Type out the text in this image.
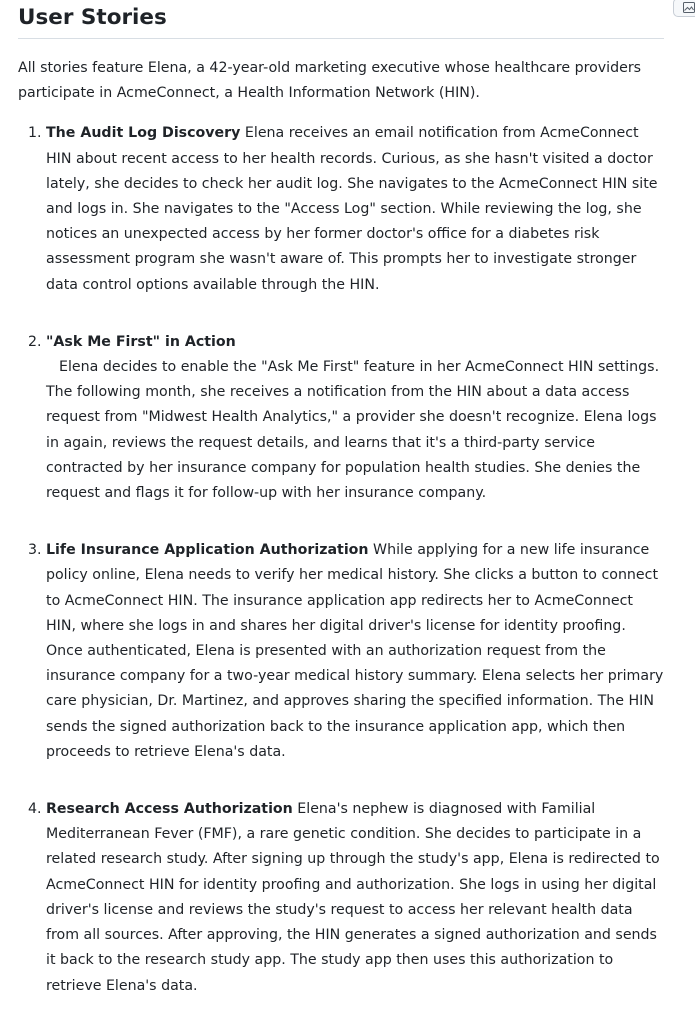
User Stories

All stories feature Elena, a 42-year-old marketing executive whose healthcare providers participate in AcmeConnect, a Health Information Network (HIN).

1. The Audit Log Discovery Elena receives an email notification from AcmeConnect HIN about recent access to her health records. Curious, as she hasn't visited a doctor lately, she decides to check her audit log. She navigates to the AcmeConnect HIN site and logs in. She navigates to the "Access Log" section. While reviewing the log, she notices an unexpected access by her former doctor's office for a diabetes risk assessment program she wasn't aware of. This prompts her to investigate stronger data control options available through the HIN.
2. "Ask Me First" in Action
Elena decides to enable the "Ask Me First" feature in her AcmeConnect HIN settings. The following month, she receives a notification from the HIN about a data access request from "Midwest Health Analytics," a provider she doesn't recognize. Elena logs in again, reviews the request details, and learns that it's a third-party service contracted by her insurance company for population health studies. She denies the request and flags it for follow-up with her insurance company.
3. Life Insurance Application Authorization While applying for a new life insurance policy online, Elena needs to verify her medical history. She clicks a button to connect to AcmeConnect HIN. The insurance application app redirects her to AcmeConnect HIN, where she logs in and shares her digital driver's license for identity proofing. Once authenticated, Elena is presented with an authorization request from the insurance company for a two-year medical history summary. Elena selects her primary care physician, Dr. Martinez, and approves sharing the specified information. The HIN sends the signed authorization back to the insurance application app, which then proceeds to retrieve Elena's data.
4. Research Access Authorization Elena's nephew is diagnosed with Familial Mediterranean Fever (FMF), a rare genetic condition. She decides to participate in a related research study. After signing up through the study's app, Elena is redirected to AcmeConnect HIN for identity proofing and authorization. She logs in using her digital driver's license and reviews the study's request to access her relevant health data from all sources. After approving, the HIN generates a signed authorization and sends it back to the research study app. The study app then uses this authorization to retrieve Elena's data.
